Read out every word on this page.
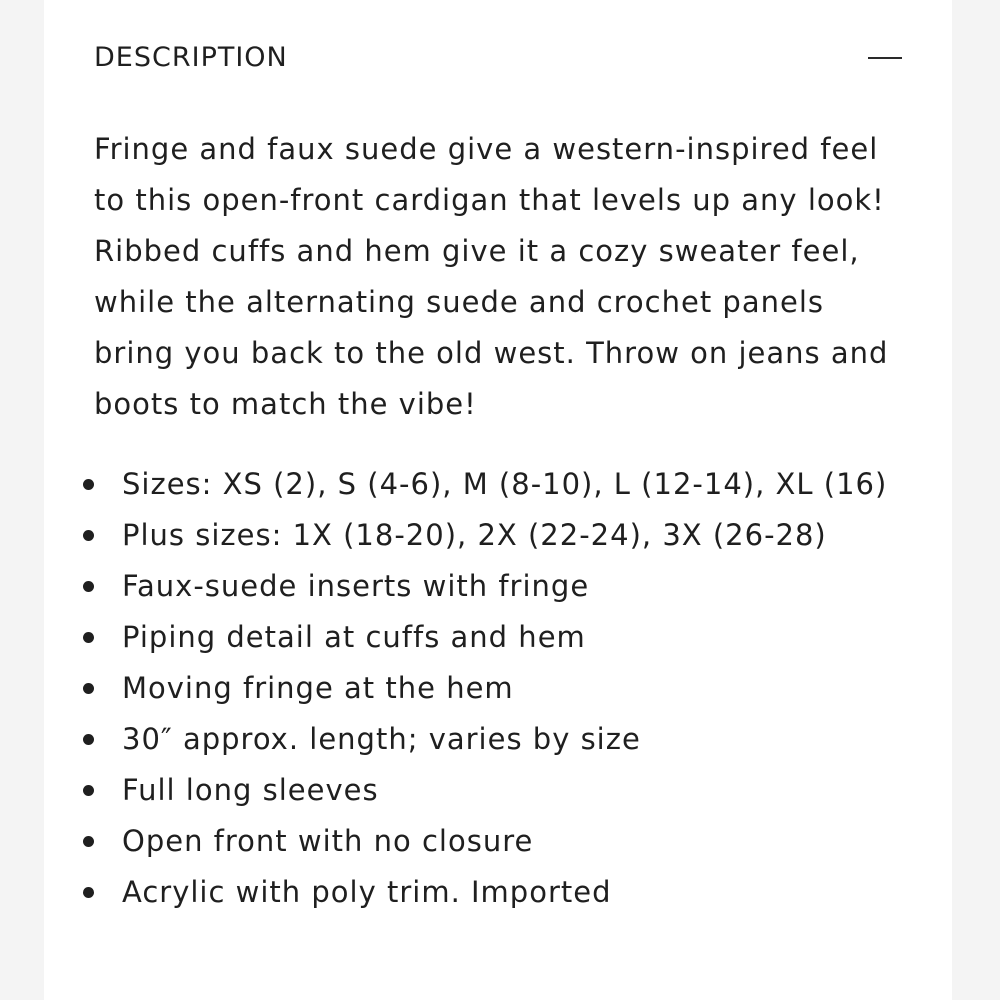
DESCRIPTION

Fringe and faux suede give a western-inspired feel to this open-front cardigan that levels up any look! Ribbed cuffs and hem give it a cozy sweater feel, while the alternating suede and crochet panels bring you back to the old west. Throw on jeans and boots to match the vibe!

Sizes: XS (2), S (4-6), M (8-10), L (12-14), XL (16)
Plus sizes: 1X (18-20), 2X (22-24), 3X (26-28)
Faux-suede inserts with fringe
Piping detail at cuffs and hem
Moving fringe at the hem
30″ approx. length; varies by size
Full long sleeves
Open front with no closure
Acrylic with poly trim. Imported
